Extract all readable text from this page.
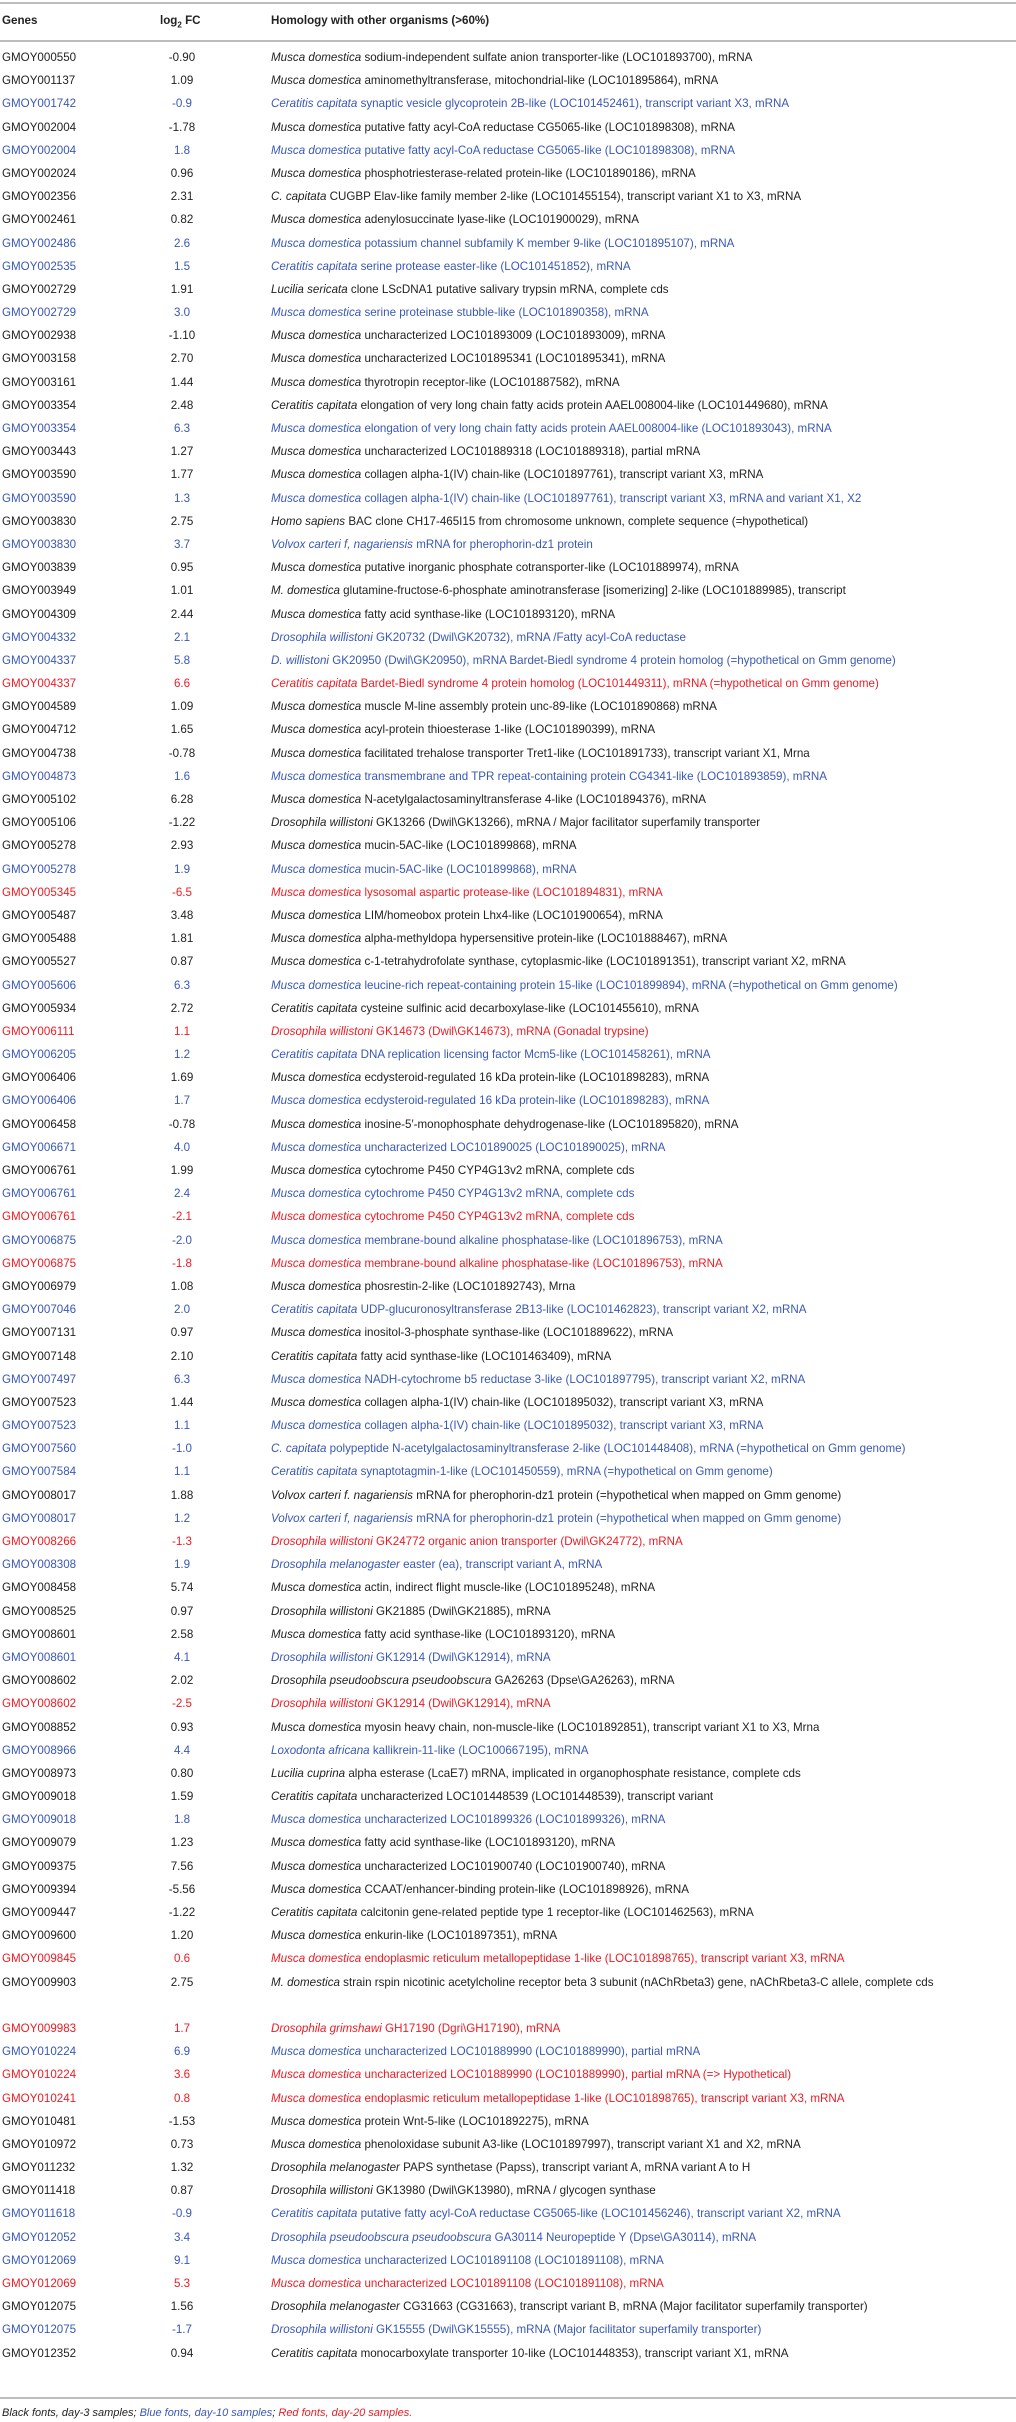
Genes	$\log_2$ FC	Homology with other organisms (>60%)
GMOY000550	-0.90	Musca domestica sodium-independent sulfate anion transporter-like (LOC101893700), mRNA
GMOY001137	1.09	Musca domestica aminomethyltransferase, mitochondrial-like (LOC101895864), mRNA
GMOY001742	-0.9	Ceratitis capitata synaptic vesicle glycoprotein 2B-like (LOC101452461), transcript variant X3, mRNA
GMOY002004	-1.78	Musca domestica putative fatty acyl-CoA reductase CG5065-like (LOC101898308), mRNA
GMOY002004	1.8	Musca domestica putative fatty acyl-CoA reductase CG5065-like (LOC101898308), mRNA
GMOY002024	0.96	Musca domestica phosphotriesterase-related protein-like (LOC101890186), mRNA
GMOY002356	2.31	C. capitata CUGBP Elav-like family member 2-like (LOC101455154), transcript variant X1 to X3, mRNA
GMOY002461	0.82	Musca domestica adenylosuccinate lyase-like (LOC101900029), mRNA
GMOY002486	2.6	Musca domestica potassium channel subfamily K member 9-like (LOC101895107), mRNA
GMOY002535	1.5	Ceratitis capitata serine protease easter-like (LOC101451852), mRNA
GMOY002729	1.91	Lucilia sericata clone LScDNA1 putative salivary trypsin mRNA, complete cds
GMOY002729	3.0	Musca domestica serine proteinase stubble-like (LOC101890358), mRNA
GMOY002938	-1.10	Musca domestica uncharacterized LOC101893009 (LOC101893009), mRNA
GMOY003158	2.70	Musca domestica uncharacterized LOC101895341 (LOC101895341), mRNA
GMOY003161	1.44	Musca domestica thyrotropin receptor-like (LOC101887582), mRNA
GMOY003354	2.48	Ceratitis capitata elongation of very long chain fatty acids protein AAEL008004-like (LOC101449680), mRNA
GMOY003354	6.3	Musca domestica elongation of very long chain fatty acids protein AAEL008004-like (LOC101893043), mRNA
GMOY003443	1.27	Musca domestica uncharacterized LOC101889318 (LOC101889318), partial mRNA
GMOY003590	1.77	Musca domestica collagen alpha-1(IV) chain-like (LOC101897761), transcript variant X3, mRNA
GMOY003590	1.3	Musca domestica collagen alpha-1(IV) chain-like (LOC101897761), transcript variant X3, mRNA and variant X1, X2
GMOY003830	2.75	Homo sapiens BAC clone CH17-465I15 from chromosome unknown, complete sequence (=hypothetical)
GMOY003830	3.7	Volvox carteri f, nagariensis mRNA for pherophorin-dz1 protein
GMOY003839	0.95	Musca domestica putative inorganic phosphate cotransporter-like (LOC101889974), mRNA
GMOY003949	1.01	M. domestica glutamine-fructose-6-phosphate aminotransferase [isomerizing] 2-like (LOC101889985), transcript
GMOY004309	2.44	Musca domestica fatty acid synthase-like (LOC101893120), mRNA
GMOY004332	2.1	Drosophila willistoni GK20732 (Dwil\GK20732), mRNA /Fatty acyl-CoA reductase
GMOY004337	5.8	D. willistoni GK20950 (Dwil\GK20950), mRNA Bardet-Biedl syndrome 4 protein homolog (=hypothetical on Gmm genome)
GMOY004337	6.6	Ceratitis capitata Bardet-Biedl syndrome 4 protein homolog (LOC101449311), mRNA (=hypothetical on Gmm genome)
GMOY004589	1.09	Musca domestica muscle M-line assembly protein unc-89-like (LOC101890868) mRNA
GMOY004712	1.65	Musca domestica acyl-protein thioesterase 1-like (LOC101890399), mRNA
GMOY004738	-0.78	Musca domestica facilitated trehalose transporter Tret1-like (LOC101891733), transcript variant X1, Mrna
GMOY004873	1.6	Musca domestica transmembrane and TPR repeat-containing protein CG4341-like (LOC101893859), mRNA
GMOY005102	6.28	Musca domestica N-acetylgalactosaminyltransferase 4-like (LOC101894376), mRNA
GMOY005106	-1.22	Drosophila willistoni GK13266 (Dwil\GK13266), mRNA / Major facilitator superfamily transporter
GMOY005278	2.93	Musca domestica mucin-5AC-like (LOC101899868), mRNA
GMOY005278	1.9	Musca domestica mucin-5AC-like (LOC101899868), mRNA
GMOY005345	-6.5	Musca domestica lysosomal aspartic protease-like (LOC101894831), mRNA
GMOY005487	3.48	Musca domestica LIM/homeobox protein Lhx4-like (LOC101900654), mRNA
GMOY005488	1.81	Musca domestica alpha-methyldopa hypersensitive protein-like (LOC101888467), mRNA
GMOY005527	0.87	Musca domestica c-1-tetrahydrofolate synthase, cytoplasmic-like (LOC101891351), transcript variant X2, mRNA
GMOY005606	6.3	Musca domestica leucine-rich repeat-containing protein 15-like (LOC101899894), mRNA (=hypothetical on Gmm genome)
GMOY005934	2.72	Ceratitis capitata cysteine sulfinic acid decarboxylase-like (LOC101455610), mRNA
GMOY006111	1.1	Drosophila willistoni GK14673 (Dwil\GK14673), mRNA (Gonadal trypsine)
GMOY006205	1.2	Ceratitis capitata DNA replication licensing factor Mcm5-like (LOC101458261), mRNA
GMOY006406	1.69	Musca domestica ecdysteroid-regulated 16 kDa protein-like (LOC101898283), mRNA
GMOY006406	1.7	Musca domestica ecdysteroid-regulated 16 kDa protein-like (LOC101898283), mRNA
GMOY006458	-0.78	Musca domestica inosine-5′-monophosphate dehydrogenase-like (LOC101895820), mRNA
GMOY006671	4.0	Musca domestica uncharacterized LOC101890025 (LOC101890025), mRNA
GMOY006761	1.99	Musca domestica cytochrome P450 CYP4G13v2 mRNA, complete cds
GMOY006761	2.4	Musca domestica cytochrome P450 CYP4G13v2 mRNA, complete cds
GMOY006761	-2.1	Musca domestica cytochrome P450 CYP4G13v2 mRNA, complete cds
GMOY006875	-2.0	Musca domestica membrane-bound alkaline phosphatase-like (LOC101896753), mRNA
GMOY006875	-1.8	Musca domestica membrane-bound alkaline phosphatase-like (LOC101896753), mRNA
GMOY006979	1.08	Musca domestica phosrestin-2-like (LOC101892743), Mrna
GMOY007046	2.0	Ceratitis capitata UDP-glucuronosyltransferase 2B13-like (LOC101462823), transcript variant X2, mRNA
GMOY007131	0.97	Musca domestica inositol-3-phosphate synthase-like (LOC101889622), mRNA
GMOY007148	2.10	Ceratitis capitata fatty acid synthase-like (LOC101463409), mRNA
GMOY007497	6.3	Musca domestica NADH-cytochrome b5 reductase 3-like (LOC101897795), transcript variant X2, mRNA
GMOY007523	1.44	Musca domestica collagen alpha-1(IV) chain-like (LOC101895032), transcript variant X3, mRNA
GMOY007523	1.1	Musca domestica collagen alpha-1(IV) chain-like (LOC101895032), transcript variant X3, mRNA
GMOY007560	-1.0	C. capitata polypeptide N-acetylgalactosaminyltransferase 2-like (LOC101448408), mRNA (=hypothetical on Gmm genome)
GMOY007584	1.1	Ceratitis capitata synaptotagmin-1-like (LOC101450559), mRNA (=hypothetical on Gmm genome)
GMOY008017	1.88	Volvox carteri f. nagariensis mRNA for pherophorin-dz1 protein (=hypothetical when mapped on Gmm genome)
GMOY008017	1.2	Volvox carteri f, nagariensis mRNA for pherophorin-dz1 protein (=hypothetical when mapped on Gmm genome)
GMOY008266	-1.3	Drosophila willistoni GK24772 organic anion transporter (Dwil\GK24772), mRNA
GMOY008308	1.9	Drosophila melanogaster easter (ea), transcript variant A, mRNA
GMOY008458	5.74	Musca domestica actin, indirect flight muscle-like (LOC101895248), mRNA
GMOY008525	0.97	Drosophila willistoni GK21885 (Dwil\GK21885), mRNA
GMOY008601	2.58	Musca domestica fatty acid synthase-like (LOC101893120), mRNA
GMOY008601	4.1	Drosophila willistoni GK12914 (Dwil\GK12914), mRNA
GMOY008602	2.02	Drosophila pseudoobscura pseudoobscura GA26263 (Dpse\GA26263), mRNA
GMOY008602	-2.5	Drosophila willistoni GK12914 (Dwil\GK12914), mRNA
GMOY008852	0.93	Musca domestica myosin heavy chain, non-muscle-like (LOC101892851), transcript variant X1 to X3, Mrna
GMOY008966	4.4	Loxodonta africana kallikrein-11-like (LOC100667195), mRNA
GMOY008973	0.80	Lucilia cuprina alpha esterase (LcaE7) mRNA, implicated in organophosphate resistance, complete cds
GMOY009018	1.59	Ceratitis capitata uncharacterized LOC101448539 (LOC101448539), transcript variant
GMOY009018	1.8	Musca domestica uncharacterized LOC101899326 (LOC101899326), mRNA
GMOY009079	1.23	Musca domestica fatty acid synthase-like (LOC101893120), mRNA
GMOY009375	7.56	Musca domestica uncharacterized LOC101900740 (LOC101900740), mRNA
GMOY009394	-5.56	Musca domestica CCAAT/enhancer-binding protein-like (LOC101898926), mRNA
GMOY009447	-1.22	Ceratitis capitata calcitonin gene-related peptide type 1 receptor-like (LOC101462563), mRNA
GMOY009600	1.20	Musca domestica enkurin-like (LOC101897351), mRNA
GMOY009845	0.6	Musca domestica endoplasmic reticulum metallopeptidase 1-like (LOC101898765), transcript variant X3, mRNA
GMOY009903	2.75	M. domestica strain rspin nicotinic acetylcholine receptor beta 3 subunit (nAChRbeta3) gene, nAChRbeta3-C allele, complete cds
GMOY009983	1.7	Drosophila grimshawi GH17190 (Dgri\GH17190), mRNA
GMOY010224	6.9	Musca domestica uncharacterized LOC101889990 (LOC101889990), partial mRNA
GMOY010224	3.6	Musca domestica uncharacterized LOC101889990 (LOC101889990), partial mRNA (=> Hypothetical)
GMOY010241	0.8	Musca domestica endoplasmic reticulum metallopeptidase 1-like (LOC101898765), transcript variant X3, mRNA
GMOY010481	-1.53	Musca domestica protein Wnt-5-like (LOC101892275), mRNA
GMOY010972	0.73	Musca domestica phenoloxidase subunit A3-like (LOC101897997), transcript variant X1 and X2, mRNA
GMOY011232	1.32	Drosophila melanogaster PAPS synthetase (Papss), transcript variant A, mRNA variant A to H
GMOY011418	0.87	Drosophila willistoni GK13980 (Dwil\GK13980), mRNA / glycogen synthase
GMOY011618	-0.9	Ceratitis capitata putative fatty acyl-CoA reductase CG5065-like (LOC101456246), transcript variant X2, mRNA
GMOY012052	3.4	Drosophila pseudoobscura pseudoobscura GA30114 Neuropeptide Y (Dpse\GA30114), mRNA
GMOY012069	9.1	Musca domestica uncharacterized LOC101891108 (LOC101891108), mRNA
GMOY012069	5.3	Musca domestica uncharacterized LOC101891108 (LOC101891108), mRNA
GMOY012075	1.56	Drosophila melanogaster CG31663 (CG31663), transcript variant B, mRNA (Major facilitator superfamily transporter)
GMOY012075	-1.7	Drosophila willistoni GK15555 (Dwil\GK15555), mRNA (Major facilitator superfamily transporter)
GMOY012352	0.94	Ceratitis capitata monocarboxylate transporter 10-like (LOC101448353), transcript variant X1, mRNA
Black fonts, day-3 samples; Blue fonts, day-10 samples; Red fonts, day-20 samples.
